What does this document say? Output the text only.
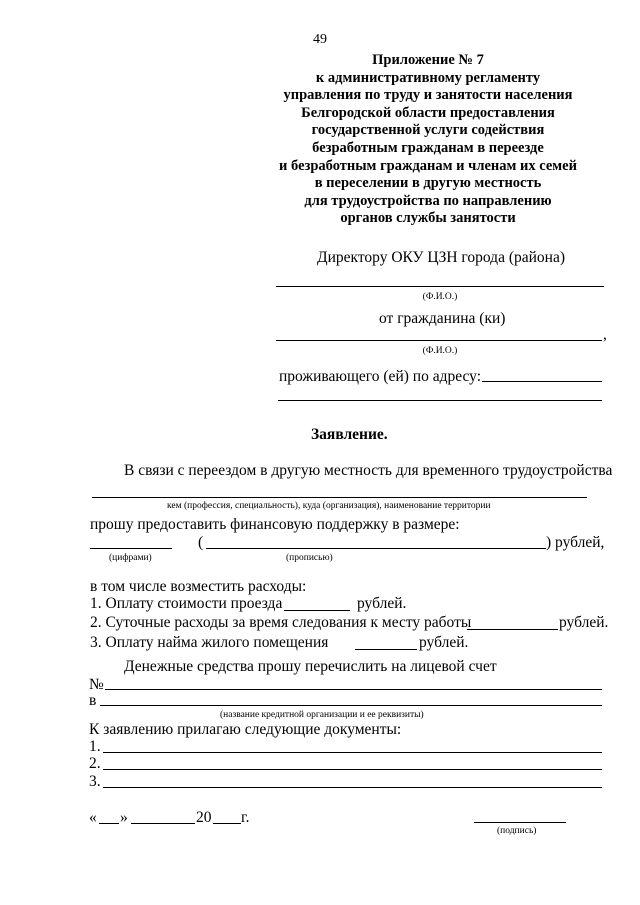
49
Приложение № 7
к административному регламенту
управления по труду и занятости населения
Белгородской области предоставления
государственной услуги содействия
безработным гражданам в переезде
и безработным гражданам и членам их семей
в переселении в другую местность
для трудоустройства по направлению
органов службы занятости
Директору ОКУ ЦЗН города (района)
(Ф.И.О.)
от гражданина (ки)
,
(Ф.И.О.)
проживающего (ей) по адресу:
Заявление.
В связи с переездом в другую местность для временного трудоустройства
кем (профессия, специальность), куда (организация), наименование территории
прошу предоставить финансовую поддержку в размере:
(	) рублей,
(цифрами)	(прописью)
в том числе возместить расходы:
1. Оплату стоимости проезда	рублей.
2. Суточные расходы за время следования к месту работы	рублей.
3. Оплату найма жилого помещения	рублей.
Денежные средства прошу перечислить на лицевой счет
№
в
(название кредитной организации и ее реквизиты)
К заявлению прилагаю следующие документы:
1.
2.
3.
« »	20 г.
(подпись)
